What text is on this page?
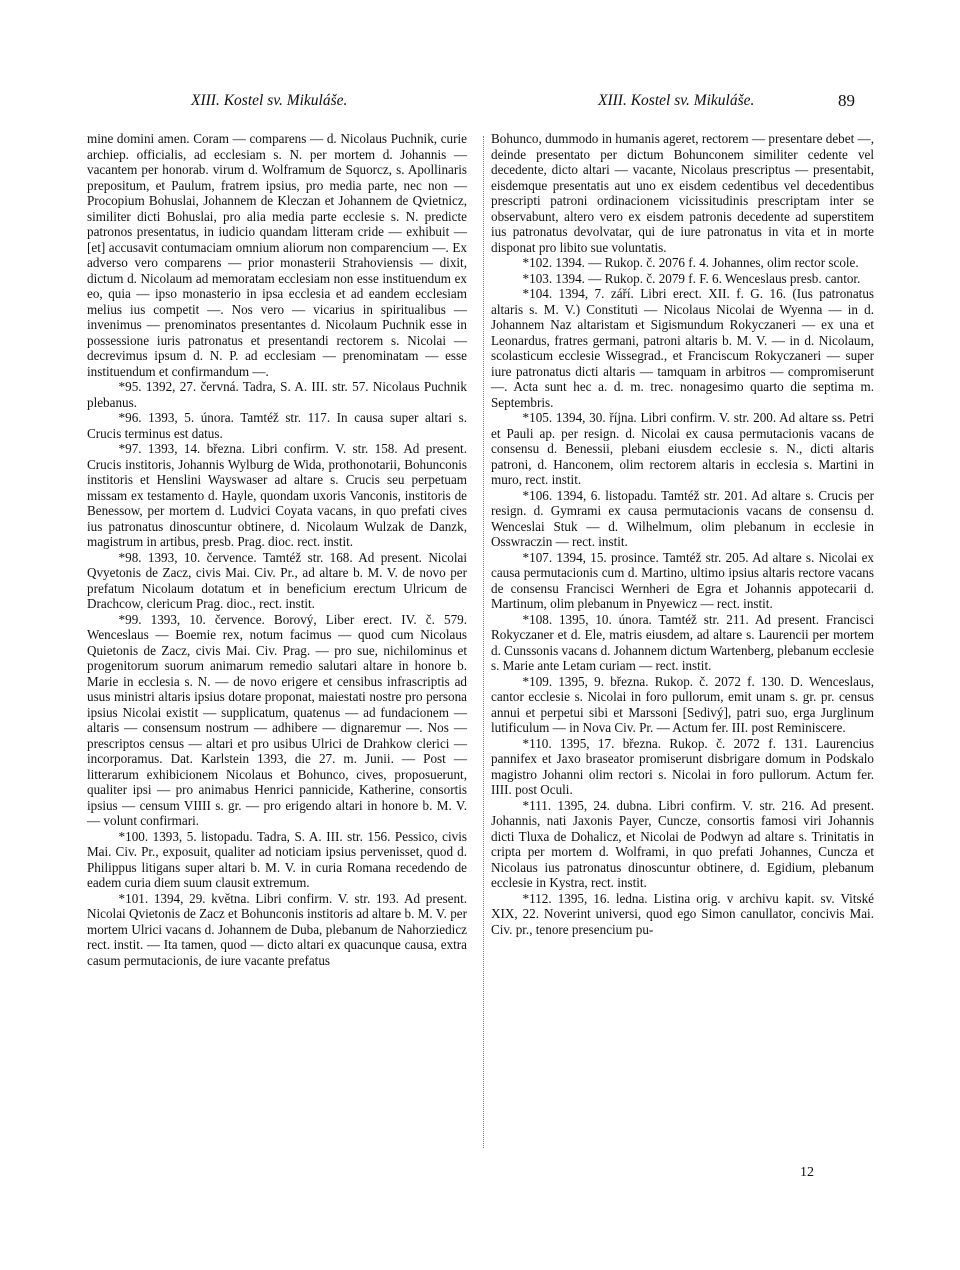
XIII. Kostel sv. Mikuláše.	XIII. Kostel sv. Mikuláše.	89

mine domini amen. Coram — comparens — d. Nicolaus Puchnik, curie archiep. officialis, ad ecclesiam s. N. per mortem d. Johannis — vacantem per honorab. virum d. Wolframum de Squorcz, s. Apollinaris prepositum, et Paulum, fratrem ipsius, pro media parte, nec non — Procopium Bohuslai, Johannem de Kleczan et Johannem de Qvietnicz, similiter dicti Bohuslai, pro alia media parte ecclesie s. N. predicte patronos presentatus, in iudicio quandam litteram cride — exhibuit — [et] accusavit contumaciam omnium aliorum non comparencium —. Ex adverso vero comparens — prior monasterii Strahoviensis — dixit, dictum d. Nicolaum ad memoratam ecclesiam non esse instituendum ex eo, quia — ipso monasterio in ipsa ecclesia et ad eandem ecclesiam melius ius competit —. Nos vero — vicarius in spiritualibus — invenimus — prenominatos presentantes d. Nicolaum Puchnik esse in possessione iuris patronatus et presentandi rectorem s. Nicolai — decrevimus ipsum d. N. P. ad ecclesiam — prenominatam — esse instituendum et confirmandum —.

*95. 1392, 27. červná. Tadra, S. A. III. str. 57. Nicolaus Puchnik plebanus.

*96. 1393, 5. února. Tamtéž str. 117. In causa super altari s. Crucis terminus est datus.

*97. 1393, 14. března. Libri confirm. V. str. 158. Ad present. Crucis institoris, Johannis Wylburg de Wida, prothonotarii, Bohunconis institoris et Henslini Wayswaser ad altare s. Crucis seu perpetuam missam ex testamento d. Hayle, quondam uxoris Vanconis, institoris de Benessow, per mortem d. Ludvici Coyata vacans, in quo prefati cives ius patronatus dinoscuntur obtinere, d. Nicolaum Wulzak de Danzk, magistrum in artibus, presb. Prag. dioc. rect. instit.

*98. 1393, 10. července. Tamtéž str. 168. Ad present. Nicolai Qvyetonis de Zacz, civis Mai. Civ. Pr., ad altare b. M. V. de novo per prefatum Nicolaum dotatum et in beneficium erectum Ulricum de Drachcow, clericum Prag. dioc., rect. instit.

*99. 1393, 10. července. Borový, Liber erect. IV. č. 579. Wenceslaus — Boemie rex, notum facimus — quod cum Nicolaus Quietonis de Zacz, civis Mai. Civ. Prag. — pro sue, nichilominus et progenitorum suorum animarum remedio salutari altare in honore b. Marie in ecclesia s. N. — de novo erigere et censibus infrascriptis ad usus ministri altaris ipsius dotare proponat, maiestati nostre pro persona ipsius Nicolai existit — supplicatum, quatenus — ad fundacionem — altaris — consensum nostrum — adhibere — dignaremur —. Nos — prescriptos census — altari et pro usibus Ulrici de Drahkow clerici — incorporamus. Dat. Karlstein 1393, die 27. m. Junii. — Post — litterarum exhibicionem Nicolaus et Bohunco, cives, proposuerunt, qualiter ipsi — pro animabus Henrici pannicide, Katherine, consortis ipsius — censum VIIII s. gr. — pro erigendo altari in honore b. M. V. — volunt confirmari.

*100. 1393, 5. listopadu. Tadra, S. A. III. str. 156. Pessico, civis Mai. Civ. Pr., exposuit, qualiter ad noticiam ipsius pervenisset, quod d. Philippus litigans super altari b. M. V. in curia Romana recedendo de eadem curia diem suum clausit extremum.

*101. 1394, 29. května. Libri confirm. V. str. 193. Ad present. Nicolai Qvietonis de Zacz et Bohunconis institoris ad altare b. M. V. per mortem Ulrici vacans d. Johannem de Duba, plebanum de Nahorziedicz rect. instit. — Ita tamen, quod — dicto altari ex quacunque causa, extra casum permutacionis, de iure vacante prefatus

Bohunco, dummodo in humanis ageret, rectorem — presentare debet —, deinde presentato per dictum Bohunconem similiter cedente vel decedente, dicto altari — vacante, Nicolaus prescriptus — presentabit, eisdemque presentatis aut uno ex eisdem cedentibus vel decedentibus prescripti patroni ordinacionem vicissitudinis prescriptam inter se observabunt, altero vero ex eisdem patronis decedente ad superstitem ius patronatus devolvatar, qui de iure patronatus in vita et in morte disponat pro libito sue voluntatis.

*102. 1394. — Rukop. č. 2076 f. 4. Johannes, olim rector scole.

*103. 1394. — Rukop. č. 2079 f. F. 6. Wenceslaus presb. cantor.

*104. 1394, 7. září. Libri erect. XII. f. G. 16. (Ius patronatus altaris s. M. V.) Constituti — Nicolaus Nicolai de Wyenna — in d. Johannem Naz altaristam et Sigismundum Rokyczaneri — ex una et Leonardus, fratres germani, patroni altaris b. M. V. — in d. Nicolaum, scolasticum ecclesie Wissegrad., et Franciscum Rokyczaneri — super iure patronatus dicti altaris — tamquam in arbitros — compromiserunt —. Acta sunt hec a. d. m. trec. nonagesimo quarto die septima m. Septembris.

*105. 1394, 30. října. Libri confirm. V. str. 200. Ad altare ss. Petri et Pauli ap. per resign. d. Nicolai ex causa permutacionis vacans de consensu d. Benessii, plebani eiusdem ecclesie s. N., dicti altaris patroni, d. Hanconem, olim rectorem altaris in ecclesia s. Martini in muro, rect. instit.

*106. 1394, 6. listopadu. Tamtéž str. 201. Ad altare s. Crucis per resign. d. Gymrami ex causa permutacionis vacans de consensu d. Wenceslai Stuk — d. Wilhelmum, olim plebanum in ecclesie in Osswraczin — rect. instit.

*107. 1394, 15. prosince. Tamtéž str. 205. Ad altare s. Nicolai ex causa permutacionis cum d. Martino, ultimo ipsius altaris rectore vacans de consensu Francisci Wernheri de Egra et Johannis appotecarii d. Martinum, olim plebanum in Pnyewicz — rect. instit.

*108. 1395, 10. února. Tamtéž str. 211. Ad present. Francisci Rokyczaner et d. Ele, matris eiusdem, ad altare s. Laurencii per mortem d. Cunssonis vacans d. Johannem dictum Wartenberg, plebanum ecclesie s. Marie ante Letam curiam — rect. instit.

*109. 1395, 9. března. Rukop. č. 2072 f. 130. D. Wenceslaus, cantor ecclesie s. Nicolai in foro pullorum, emit unam s. gr. pr. census annui et perpetui sibi et Marssoni [Sedivý], patri suo, erga Jurglinum lutificulum — in Nova Civ. Pr. — Actum fer. III. post Reminiscere.

*110. 1395, 17. března. Rukop. č. 2072 f. 131. Laurencius pannifex et Jaxo braseator promiserunt disbrigare domum in Podskalo magistro Johanni olim rectori s. Nicolai in foro pullorum. Actum fer. IIII. post Oculi.

*111. 1395, 24. dubna. Libri confirm. V. str. 216. Ad present. Johannis, nati Jaxonis Payer, Cuncze, consortis famosi viri Johannis dicti Tluxa de Dohalicz, et Nicolai de Podwyn ad altare s. Trinitatis in cripta per mortem d. Wolframi, in quo prefati Johannes, Cuncza et Nicolaus ius patronatus dinoscuntur obtinere, d. Egidium, plebanum ecclesie in Kystra, rect. instit.

*112. 1395, 16. ledna. Listina orig. v archivu kapit. sv. Vitské XIX, 22. Noverint universi, quod ego Simon canullator, concivis Mai. Civ. pr., tenore presencium pu-

12
